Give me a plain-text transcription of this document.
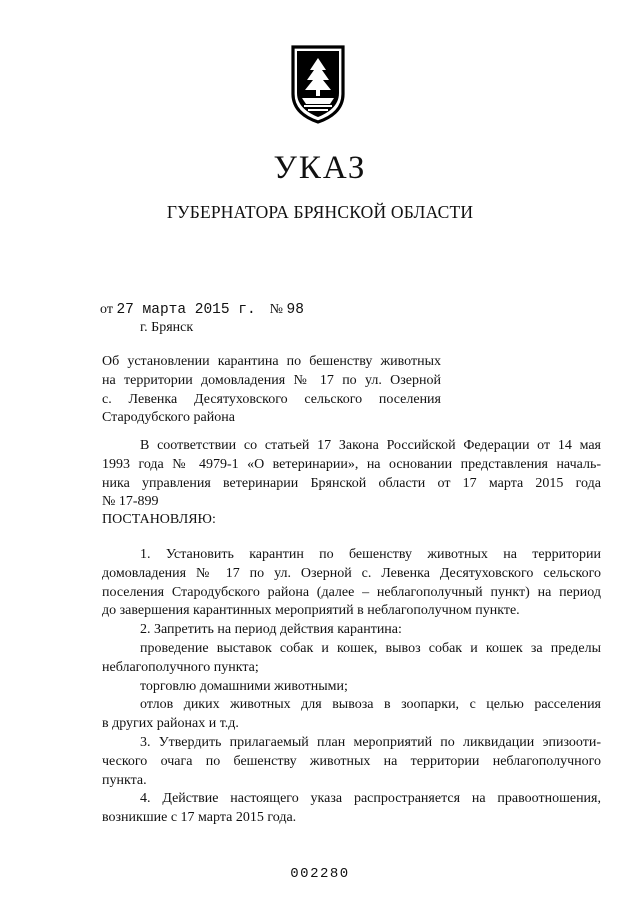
УКАЗ
ГУБЕРНАТОРА БРЯНСКОЙ ОБЛАСТИ
от 27 марта 2015 г. № 98
г. Брянск
Об установлении карантина по бешенству животных
на территории домовладения № 17 по ул. Озерной
с. Левенка Десятуховского сельского поселения
Стародубского района
В соответствии со статьей 17 Закона Российской Федерации от 14 мая
1993 года № 4979-1 «О ветеринарии», на основании представления началь-
ника управления ветеринарии Брянской области от 17 марта 2015 года
№ 17-899
ПОСТАНОВЛЯЮ:
1. Установить карантин по бешенству животных на территории
домовладения № 17 по ул. Озерной с. Левенка Десятуховского сельского
поселения Стародубского района (далее – неблагополучный пункт) на период
до завершения карантинных мероприятий в неблагополучном пункте.
2. Запретить на период действия карантина:
проведение выставок собак и кошек, вывоз собак и кошек за пределы
неблагополучного пункта;
торговлю домашними животными;
отлов диких животных для вывоза в зоопарки, с целью расселения
в других районах и т.д.
3. Утвердить прилагаемый план мероприятий по ликвидации эпизооти-
ческого очага по бешенству животных на территории неблагополучного
пункта.
4. Действие настоящего указа распространяется на правоотношения,
возникшие с 17 марта 2015 года.
002280
